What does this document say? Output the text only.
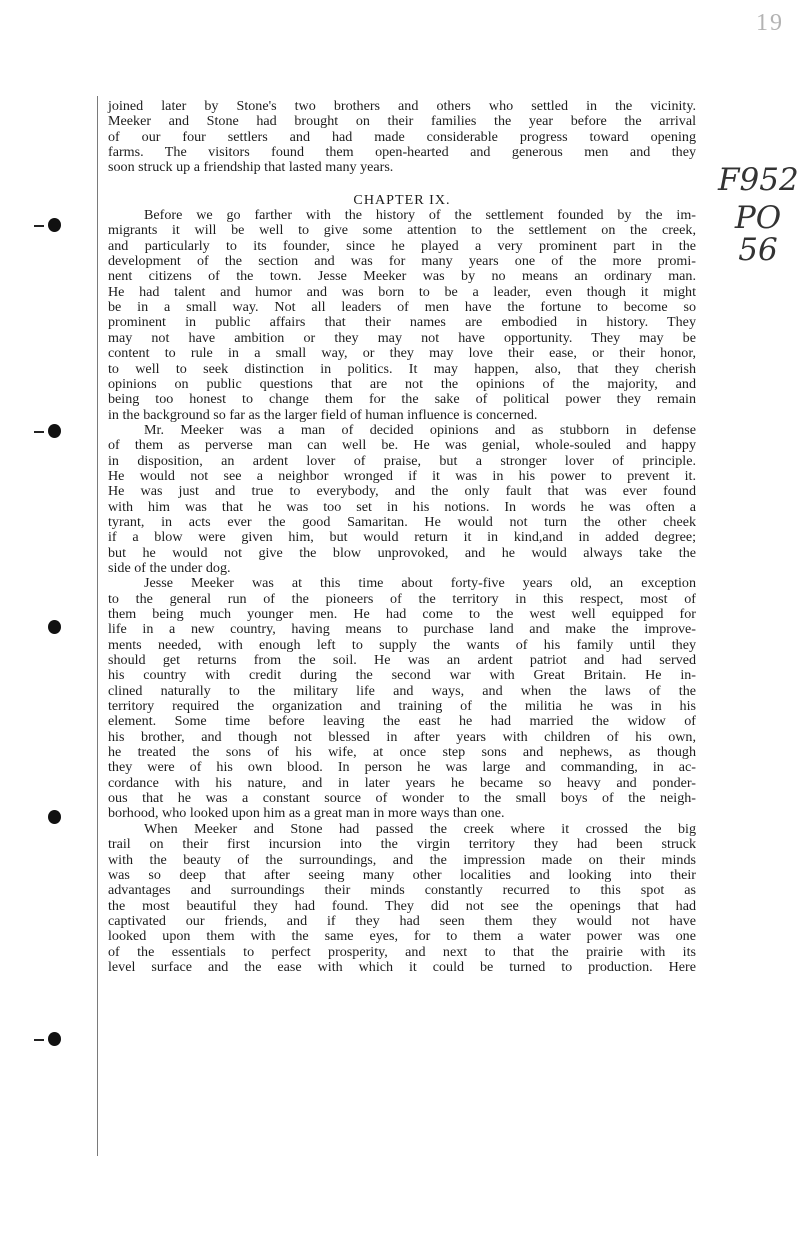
19
F952
PO
56
joined later by Stone's two brothers and others who settled in the vicinity.
Meeker and Stone had brought on their families the year before the arrival
of our four settlers and had made considerable progress toward opening
farms. The visitors found them open-hearted and generous men and they
soon struck up a friendship that lasted many years.
CHAPTER IX.
Before we go farther with the history of the settlement founded by the im-
migrants it will be well to give some attention to the settlement on the creek,
and particularly to its founder, since he played a very prominent part in the
development of the section and was for many years one of the more promi-
nent citizens of the town. Jesse Meeker was by no means an ordinary man.
He had talent and humor and was born to be a leader, even though it might
be in a small way. Not all leaders of men have the fortune to become so
prominent in public affairs that their names are embodied in history. They
may not have ambition or they may not have opportunity. They may be
content to rule in a small way, or they may love their ease, or their honor,
to well to seek distinction in politics. It may happen, also, that they cherish
opinions on public questions that are not the opinions of the majority, and
being too honest to change them for the sake of political power they remain
in the background so far as the larger field of human influence is concerned.
Mr. Meeker was a man of decided opinions and as stubborn in defense
of them as perverse man can well be. He was genial, whole-souled and happy
in disposition, an ardent lover of praise, but a stronger lover of principle.
He would not see a neighbor wronged if it was in his power to prevent it.
He was just and true to everybody, and the only fault that was ever found
with him was that he was too set in his notions. In words he was often a
tyrant, in acts ever the good Samaritan. He would not turn the other cheek
if a blow were given him, but would return it in kind,and in added degree;
but he would not give the blow unprovoked, and he would always take the
side of the under dog.
Jesse Meeker was at this time about forty-five years old, an exception
to the general run of the pioneers of the territory in this respect, most of
them being much younger men. He had come to the west well equipped for
life in a new country, having means to purchase land and make the improve-
ments needed, with enough left to supply the wants of his family until they
should get returns from the soil. He was an ardent patriot and had served
his country with credit during the second war with Great Britain. He in-
clined naturally to the military life and ways, and when the laws of the
territory required the organization and training of the militia he was in his
element. Some time before leaving the east he had married the widow of
his brother, and though not blessed in after years with children of his own,
he treated the sons of his wife, at once step sons and nephews, as though
they were of his own blood. In person he was large and commanding, in ac-
cordance with his nature, and in later years he became so heavy and ponder-
ous that he was a constant source of wonder to the small boys of the neigh-
borhood, who looked upon him as a great man in more ways than one.
When Meeker and Stone had passed the creek where it crossed the big
trail on their first incursion into the virgin territory they had been struck
with the beauty of the surroundings, and the impression made on their minds
was so deep that after seeing many other localities and looking into their
advantages and surroundings their minds constantly recurred to this spot as
the most beautiful they had found. They did not see the openings that had
captivated our friends, and if they had seen them they would not have
looked upon them with the same eyes, for to them a water power was one
of the essentials to perfect prosperity, and next to that the prairie with its
level surface and the ease with which it could be turned to production. Here
